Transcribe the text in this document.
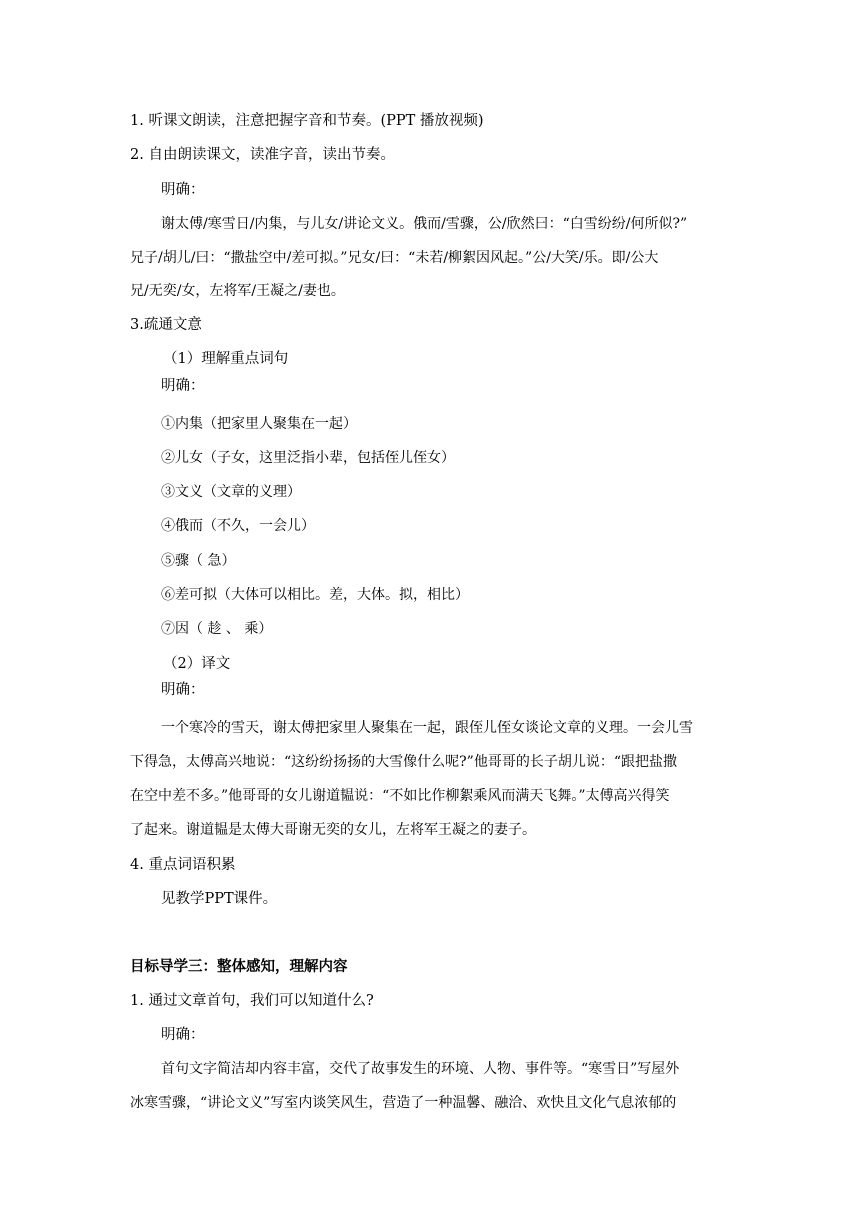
1. 听课文朗读，注意把握字音和节奏。(PPT 播放视频)
2. 自由朗读课文，读准字音，读出节奏。
明确：
谢太傅/寒雪日/内集，与儿女/讲论文义。俄而/雪骤，公/欣然曰：“白雪纷纷/何所似?”
兄子/胡儿/曰：“撒盐空中/差可拟。”兄女/曰：“未若/柳絮因风起。”公/大笑/乐。即/公大
兄/无奕/女，左将军/王凝之/妻也。
3.疏通文意
（1）理解重点词句
明确：
①内集（把家里人聚集在一起）
②儿女（子女，这里泛指小辈，包括侄儿侄女）
③文义（文章的义理）
④俄而（不久，一会儿）
⑤骤（ 急）
⑥差可拟（大体可以相比。差，大体。拟，相比）
⑦因（ 趁 、 乘）
（2）译文
明确：
一个寒冷的雪天，谢太傅把家里人聚集在一起，跟侄儿侄女谈论文章的义理。一会儿雪
下得急，太傅高兴地说：“这纷纷扬扬的大雪像什么呢?”他哥哥的长子胡儿说：“跟把盐撒
在空中差不多。”他哥哥的女儿谢道韫说：“不如比作柳絮乘风而满天飞舞。”太傅高兴得笑
了起来。谢道韫是太傅大哥谢无奕的女儿，左将军王凝之的妻子。
4. 重点词语积累
见教学PPT课件。
目标导学三：整体感知，理解内容
1. 通过文章首句，我们可以知道什么?
明确：
首句文字简洁却内容丰富，交代了故事发生的环境、人物、事件等。“寒雪日”写屋外
冰寒雪骤，“讲论文义”写室内谈笑风生，营造了一种温馨、融洽、欢快且文化气息浓郁的
